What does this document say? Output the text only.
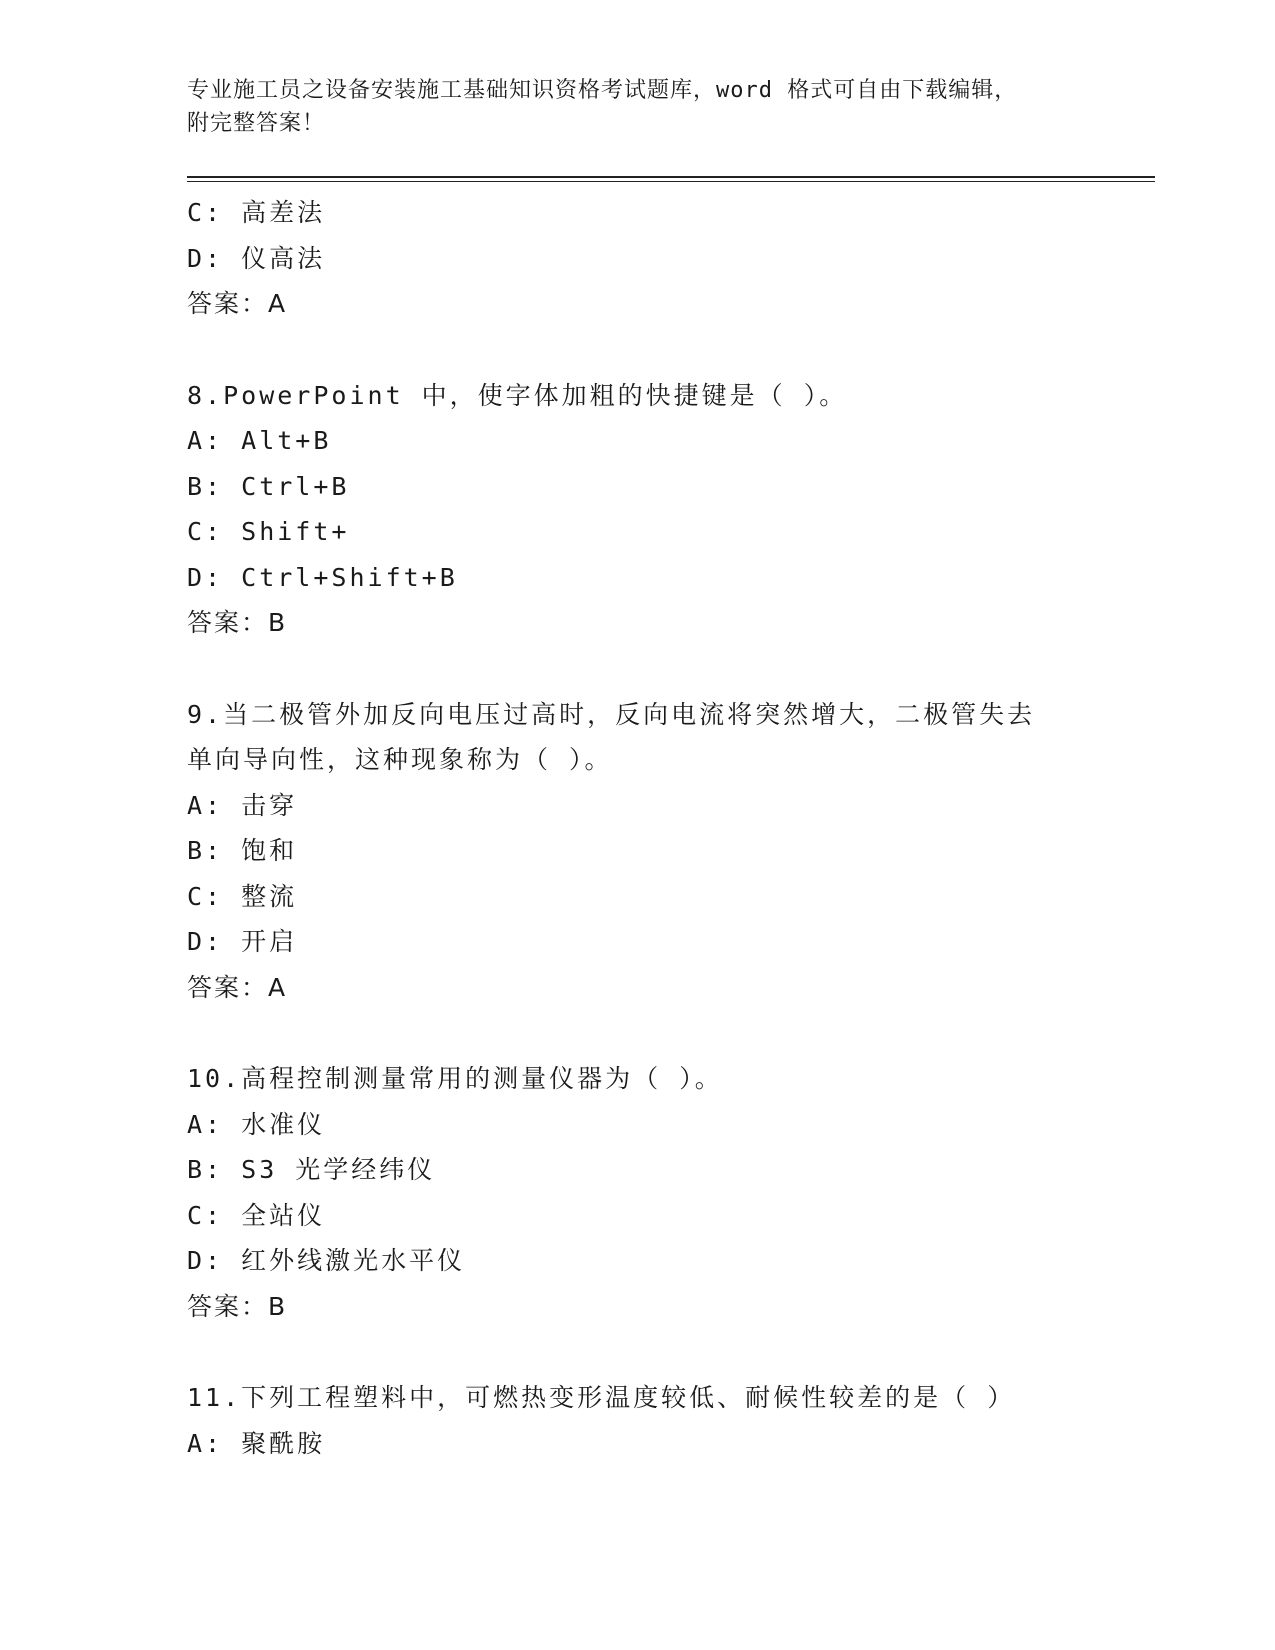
专业施工员之设备安装施工基础知识资格考试题库，word 格式可自由下载编辑，
附完整答案！
C: 高差法
D: 仪高法
答案：A
8.PowerPoint 中，使字体加粗的快捷键是（ ）。
A: Alt+B
B: Ctrl+B
C: Shift+
D: Ctrl+Shift+B
答案：B
9.当二极管外加反向电压过高时，反向电流将突然增大，二极管失去
单向导向性，这种现象称为（ ）。
A: 击穿
B: 饱和
C: 整流
D: 开启
答案：A
10.高程控制测量常用的测量仪器为（ ）。
A: 水准仪
B: S3 光学经纬仪
C: 全站仪
D: 红外线激光水平仪
答案：B
11.下列工程塑料中，可燃热变形温度较低、耐候性较差的是（ ）
A: 聚酰胺
